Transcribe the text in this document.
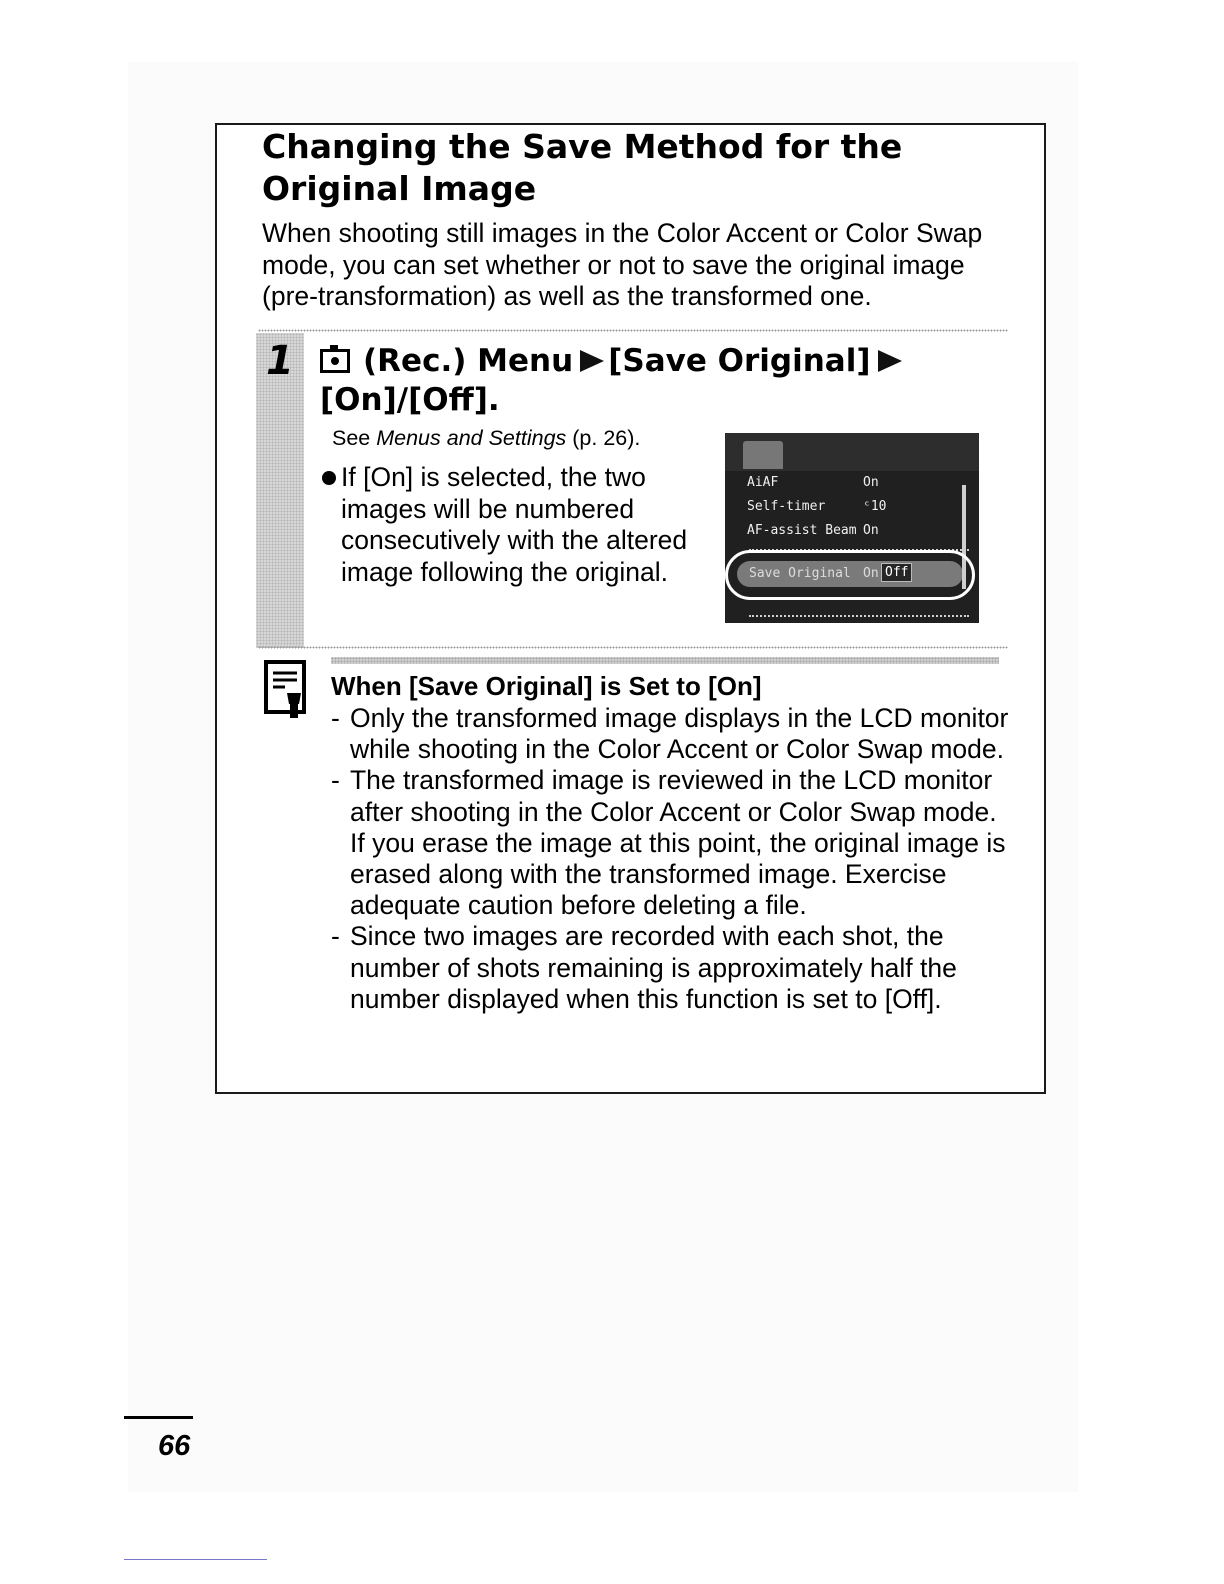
Changing the Save Method for the Original Image

When shooting still images in the Color Accent or Color Swap mode, you can set whether or not to save the original image (pre-transformation) as well as the transformed one.

1 (Rec.) Menu [Save Original]
[On]/[Off].

See Menus and Settings (p. 26).

If [On] is selected, the two images will be numbered consecutively with the altered image following the original.

AiAF	On
Self-timer	ᶜ10
AF-assist Beam On
Save Original On Off

When [Save Original] is Set to [On]

- Only the transformed image displays in the LCD monitor while shooting in the Color Accent or Color Swap mode.
- The transformed image is reviewed in the LCD monitor after shooting in the Color Accent or Color Swap mode. If you erase the image at this point, the original image is erased along with the transformed image. Exercise adequate caution before deleting a file.
- Since two images are recorded with each shot, the number of shots remaining is approximately half the number displayed when this function is set to [Off].
66
